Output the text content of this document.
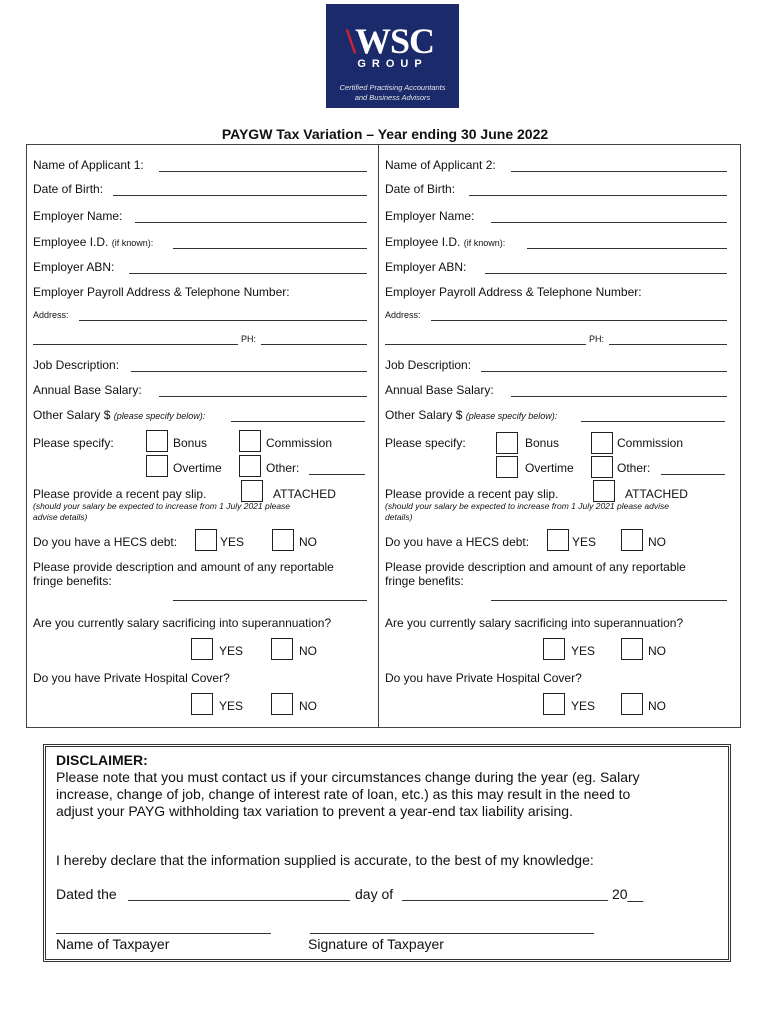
\WSC
GROUP
Certified Practising Accountants
and Business Advisors
PAYGW Tax Variation – Year ending 30 June 2022
Name of Applicant 1:
Date of Birth:
Employer Name:
Employee I.D. (if known):
Employer ABN:
Employer Payroll Address & Telephone Number:
Address:
PH:
Job Description:
Annual Base Salary:
Other Salary $ (please specify below):
Please specify:	Bonus	Commission
Overtime	Other:
Please provide a recent pay slip.	ATTACHED
(should your salary be expected to increase from 1 July 2021 please
advise details)
Do you have a HECS debt:	YES	NO
Please provide description and amount of any reportable
fringe benefits:
Are you currently salary sacrificing into superannuation?
YES	NO
Do you have Private Hospital Cover?
YES	NO
Name of Applicant 2:
Date of Birth:
Employer Name:
Employee I.D. (if known):
Employer ABN:
Employer Payroll Address & Telephone Number:
Address:
PH:
Job Description:
Annual Base Salary:
Other Salary $ (please specify below):
Please specify:	Bonus	Commission
Overtime	Other:
Please provide a recent pay slip.	ATTACHED
(should your salary be expected to increase from 1 July 2021 please advise
details)
Do you have a HECS debt:	YES	NO
Please provide description and amount of any reportable
fringe benefits:
Are you currently salary sacrificing into superannuation?
YES	NO
Do you have Private Hospital Cover?
YES	NO
DISCLAIMER:
Please note that you must contact us if your circumstances change during the year (eg. Salary
increase, change of job, change of interest rate of loan, etc.) as this may result in the need to
adjust your PAYG withholding tax variation to prevent a year-end tax liability arising.
I hereby declare that the information supplied is accurate, to the best of my knowledge:
Dated the	day of	20__
Name of Taxpayer	Signature of Taxpayer
